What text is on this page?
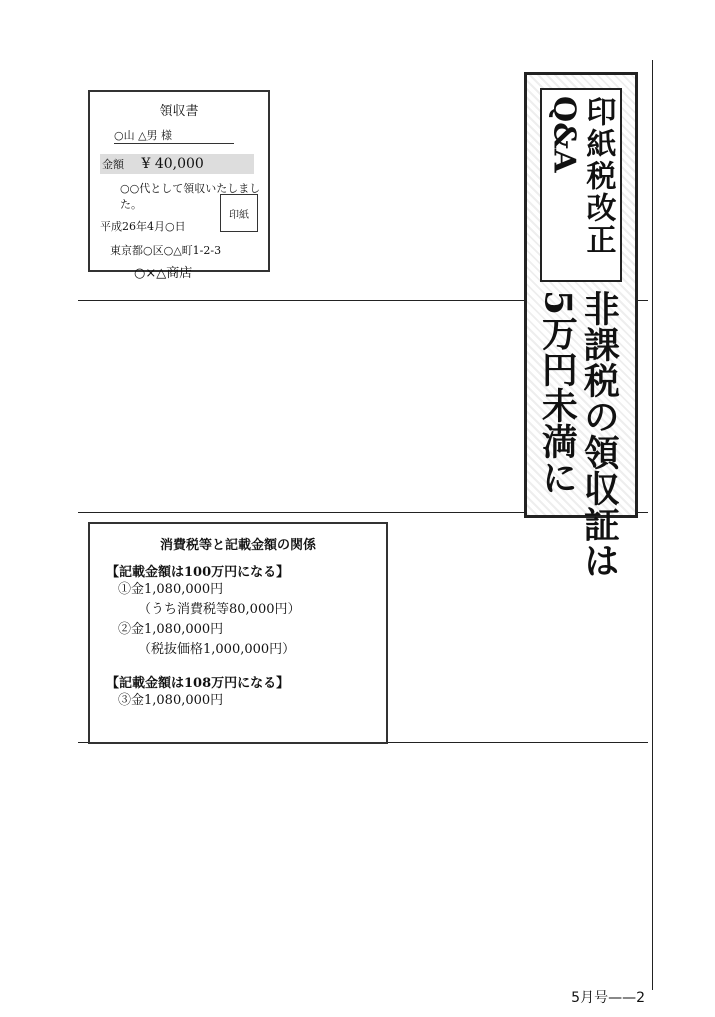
印紙税改正
Q&A
非課税の領収証は
5万円未満に
領収書
○山 △男 様
金額 ¥ 40,000
○○代として領収いたしました。
平成26年4月○日
東京都○区○△町1-2-3
○×△商店
印紙
消費税等と記載金額の関係
【記載金額は100万円になる】
①金1,080,000円
（うち消費税等80,000円）
②金1,080,000円
（税抜価格1,000,000円）
【記載金額は108万円になる】
③金1,080,000円
5月号——2
